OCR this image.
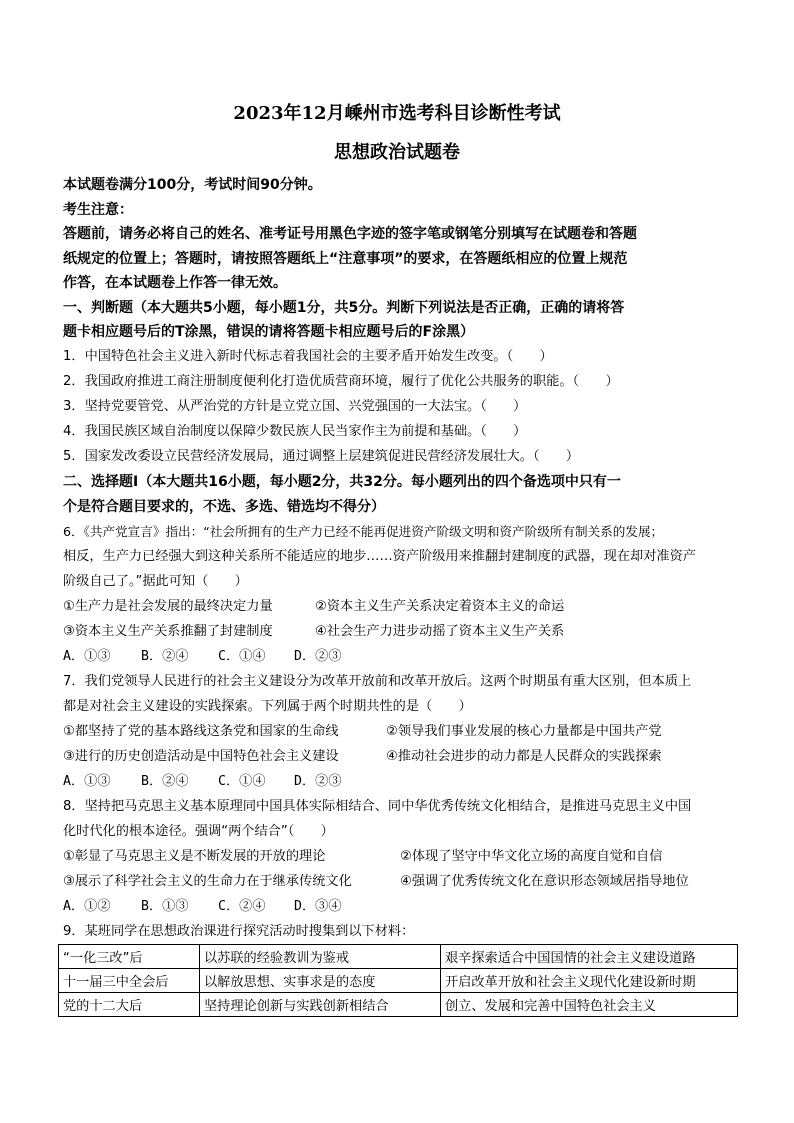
2023年12月嵊州市选考科目诊断性考试
思想政治试题卷
本试题卷满分100分，考试时间90分钟。
考生注意：
答题前，请务必将自己的姓名、准考证号用黑色字迹的签字笔或钢笔分别填写在试题卷和答题
纸规定的位置上；答题时，请按照答题纸上“注意事项”的要求，在答题纸相应的位置上规范
作答，在本试题卷上作答一律无效。
一、判断题（本大题共5小题，每小题1分，共5分。判断下列说法是否正确，正确的请将答
题卡相应题号后的T涂黑，错误的请将答题卡相应题号后的F涂黑）
1．中国特色社会主义进入新时代标志着我国社会的主要矛盾开始发生改变。（　　）
2．我国政府推进工商注册制度便利化打造优质营商环境，履行了优化公共服务的职能。（　　）
3．坚持党要管党、从严治党的方针是立党立国、兴党强国的一大法宝。（　　）
4．我国民族区域自治制度以保障少数民族人民当家作主为前提和基础。（　　）
5．国家发改委设立民营经济发展局，通过调整上层建筑促进民营经济发展壮大。（　　）
二、选择题Ⅰ（本大题共16小题，每小题2分，共32分。每小题列出的四个备选项中只有一
个是符合题目要求的，不选、多选、错选均不得分）
6．《共产党宣言》指出：“社会所拥有的生产力已经不能再促进资产阶级文明和资产阶级所有制关系的发展；
相反，生产力已经强大到这种关系所不能适应的地步……资产阶级用来推翻封建制度的武器，现在却对准资产
阶级自己了。”据此可知（　　）
①生产力是社会发展的最终决定力量	②资本主义生产关系决定着资本主义的命运
③资本主义生产关系推翻了封建制度	④社会生产力进步动摇了资本主义生产关系
A．①③ B．②④ C．①④ D．②③
7．我们党领导人民进行的社会主义建设分为改革开放前和改革开放后。这两个时期虽有重大区别，但本质上
都是对社会主义建设的实践探索。下列属于两个时期共性的是（　　）
①都坚持了党的基本路线这条党和国家的生命线	②领导我们事业发展的核心力量都是中国共产党
③进行的历史创造活动是中国特色社会主义建设	④推动社会进步的动力都是人民群众的实践探索
A．①③ B．②④ C．①④ D．②③
8．坚持把马克思主义基本原理同中国具体实际相结合、同中华优秀传统文化相结合，是推进马克思主义中国
化时代化的根本途径。强调“两个结合”（　　）
①彰显了马克思主义是不断发展的开放的理论	②体现了坚守中华文化立场的高度自觉和自信
③展示了科学社会主义的生命力在于继承传统文化	④强调了优秀传统文化在意识形态领域居指导地位
A．①② B．①③ C．②④ D．③④
9．某班同学在思想政治课进行探究活动时搜集到以下材料：
“一化三改”后	以苏联的经验教训为鉴戒	艰辛探索适合中国国情的社会主义建设道路
十一届三中全会后	以解放思想、实事求是的态度	开启改革开放和社会主义现代化建设新时期
党的十二大后	坚持理论创新与实践创新相结合	创立、发展和完善中国特色社会主义
